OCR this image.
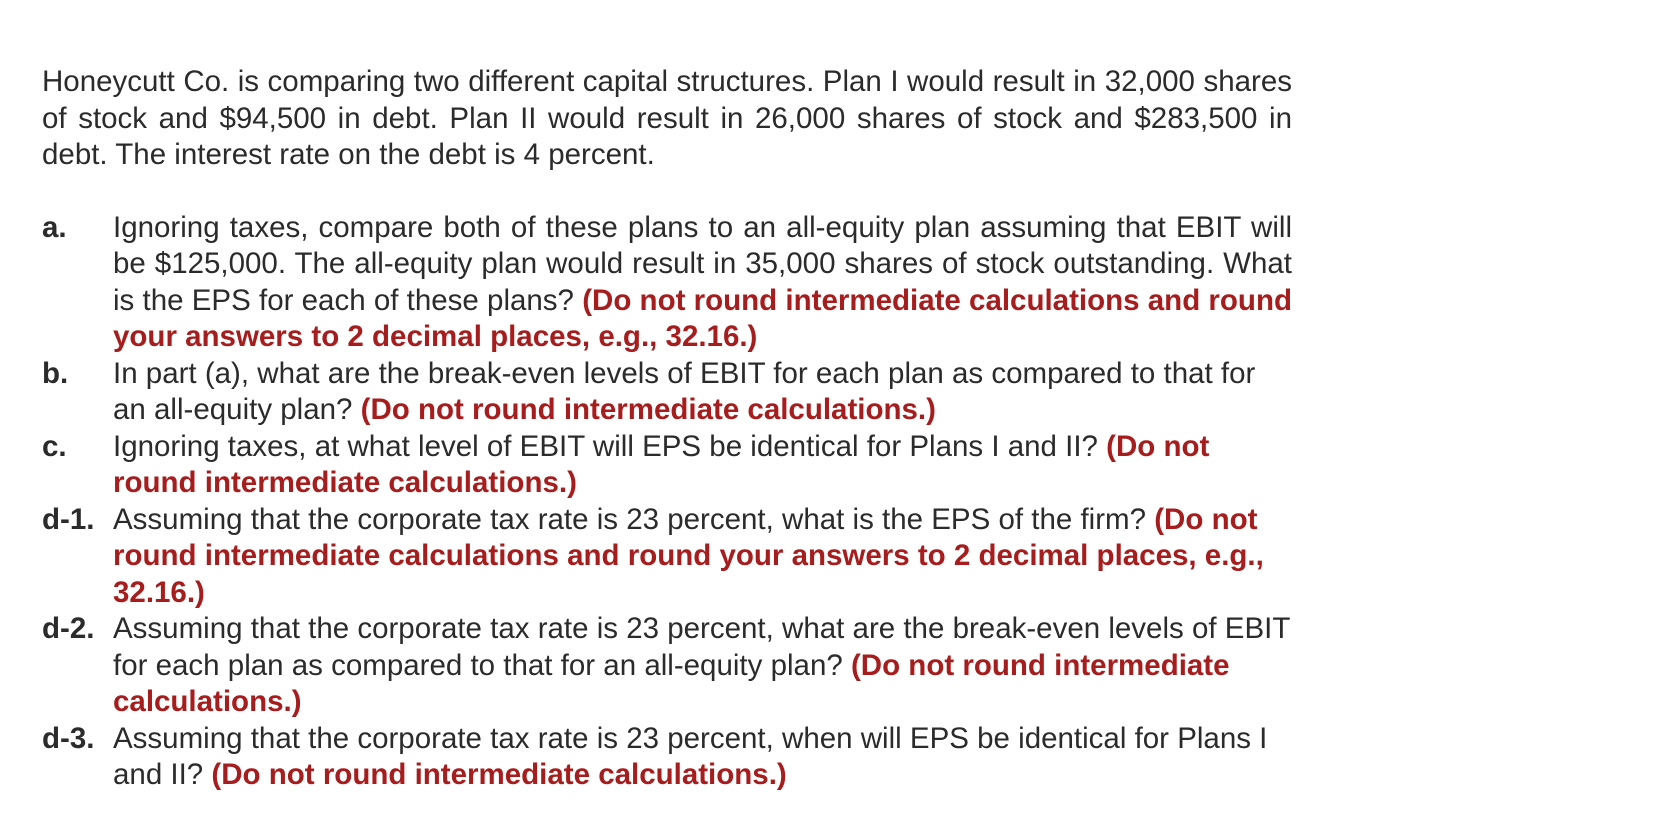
Honeycutt Co. is comparing two different capital structures. Plan I would result in 32,000 shares of stock and $94,500 in debt. Plan II would result in 26,000 shares of stock and $283,500 in debt. The interest rate on the debt is 4 percent.

a.	Ignoring taxes, compare both of these plans to an all-equity plan assuming that EBIT will be $125,000. The all-equity plan would result in 35,000 shares of stock outstanding. What is the EPS for each of these plans? (Do not round intermediate calculations and round your answers to 2 decimal places, e.g., 32.16.)
b.	In part (a), what are the break-even levels of EBIT for each plan as compared to that for an all-equity plan? (Do not round intermediate calculations.)
c.	Ignoring taxes, at what level of EBIT will EPS be identical for Plans I and II? (Do not round intermediate calculations.)
d-1. Assuming that the corporate tax rate is 23 percent, what is the EPS of the firm? (Do not round intermediate calculations and round your answers to 2 decimal places, e.g., 32.16.)
d-2. Assuming that the corporate tax rate is 23 percent, what are the break-even levels of EBIT for each plan as compared to that for an all-equity plan? (Do not round intermediate calculations.)
d-3. Assuming that the corporate tax rate is 23 percent, when will EPS be identical for Plans I and II? (Do not round intermediate calculations.)
